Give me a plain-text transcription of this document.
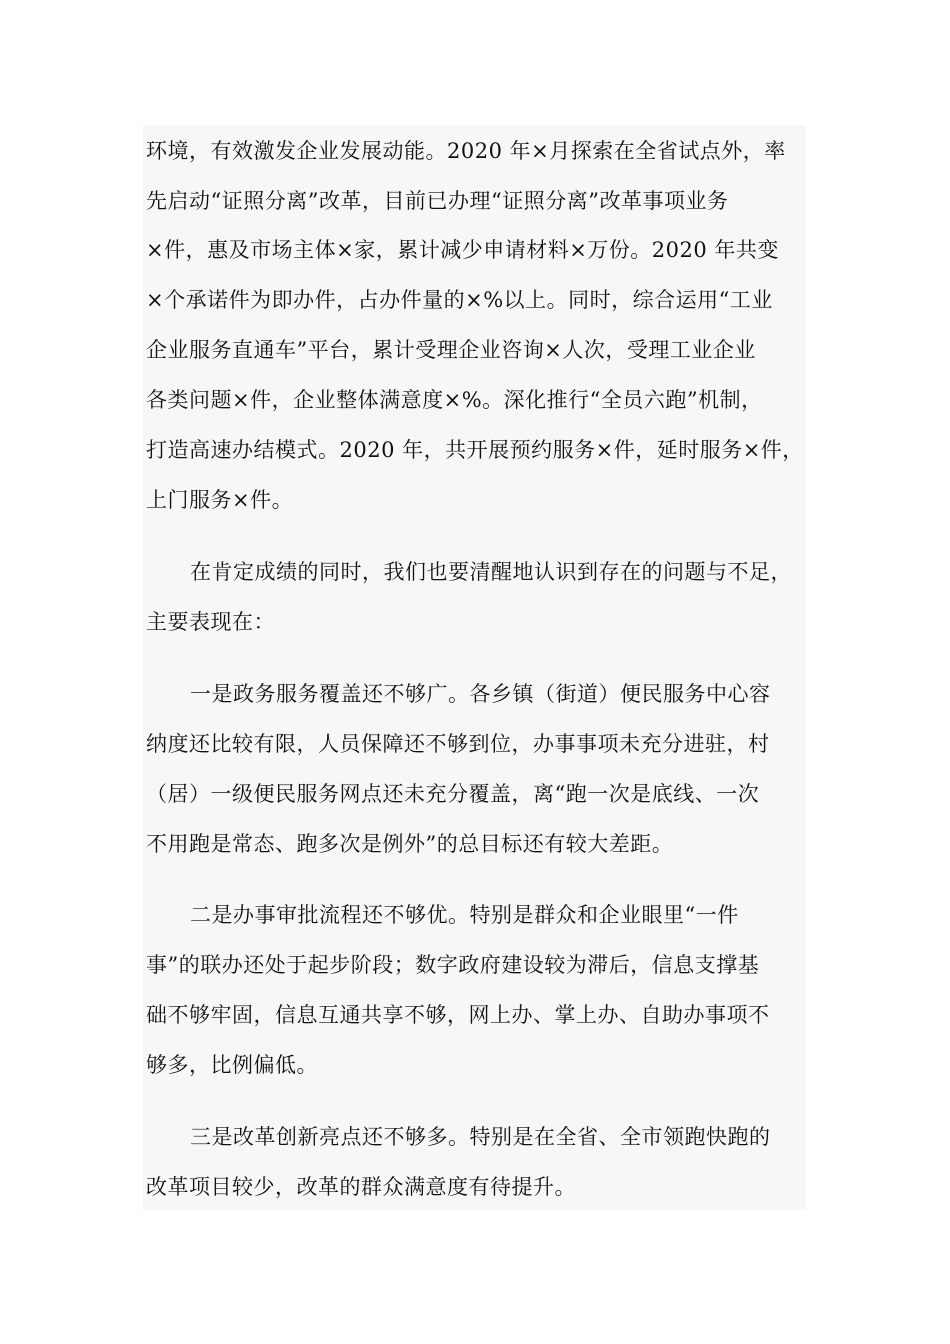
环境，有效激发企业发展动能。2020 年×月探索在全省试点外，率
先启动“证照分离”改革，目前已办理“证照分离”改革事项业务
×件，惠及市场主体×家，累计减少申请材料×万份。2020 年共变
×个承诺件为即办件，占办件量的×%以上。同时，综合运用“工业
企业服务直通车”平台，累计受理企业咨询×人次，受理工业企业
各类问题×件，企业整体满意度×%。深化推行“全员六跑”机制，
打造高速办结模式。2020 年，共开展预约服务×件，延时服务×件，
上门服务×件。
在肯定成绩的同时，我们也要清醒地认识到存在的问题与不足，
主要表现在：
一是政务服务覆盖还不够广。各乡镇（街道）便民服务中心容
纳度还比较有限，人员保障还不够到位，办事事项未充分进驻，村
（居）一级便民服务网点还未充分覆盖，离“跑一次是底线、一次
不用跑是常态、跑多次是例外”的总目标还有较大差距。
二是办事审批流程还不够优。特别是群众和企业眼里“一件
事”的联办还处于起步阶段；数字政府建设较为滞后，信息支撑基
础不够牢固，信息互通共享不够，网上办、掌上办、自助办事项不
够多，比例偏低。
三是改革创新亮点还不够多。特别是在全省、全市领跑快跑的
改革项目较少，改革的群众满意度有待提升。
